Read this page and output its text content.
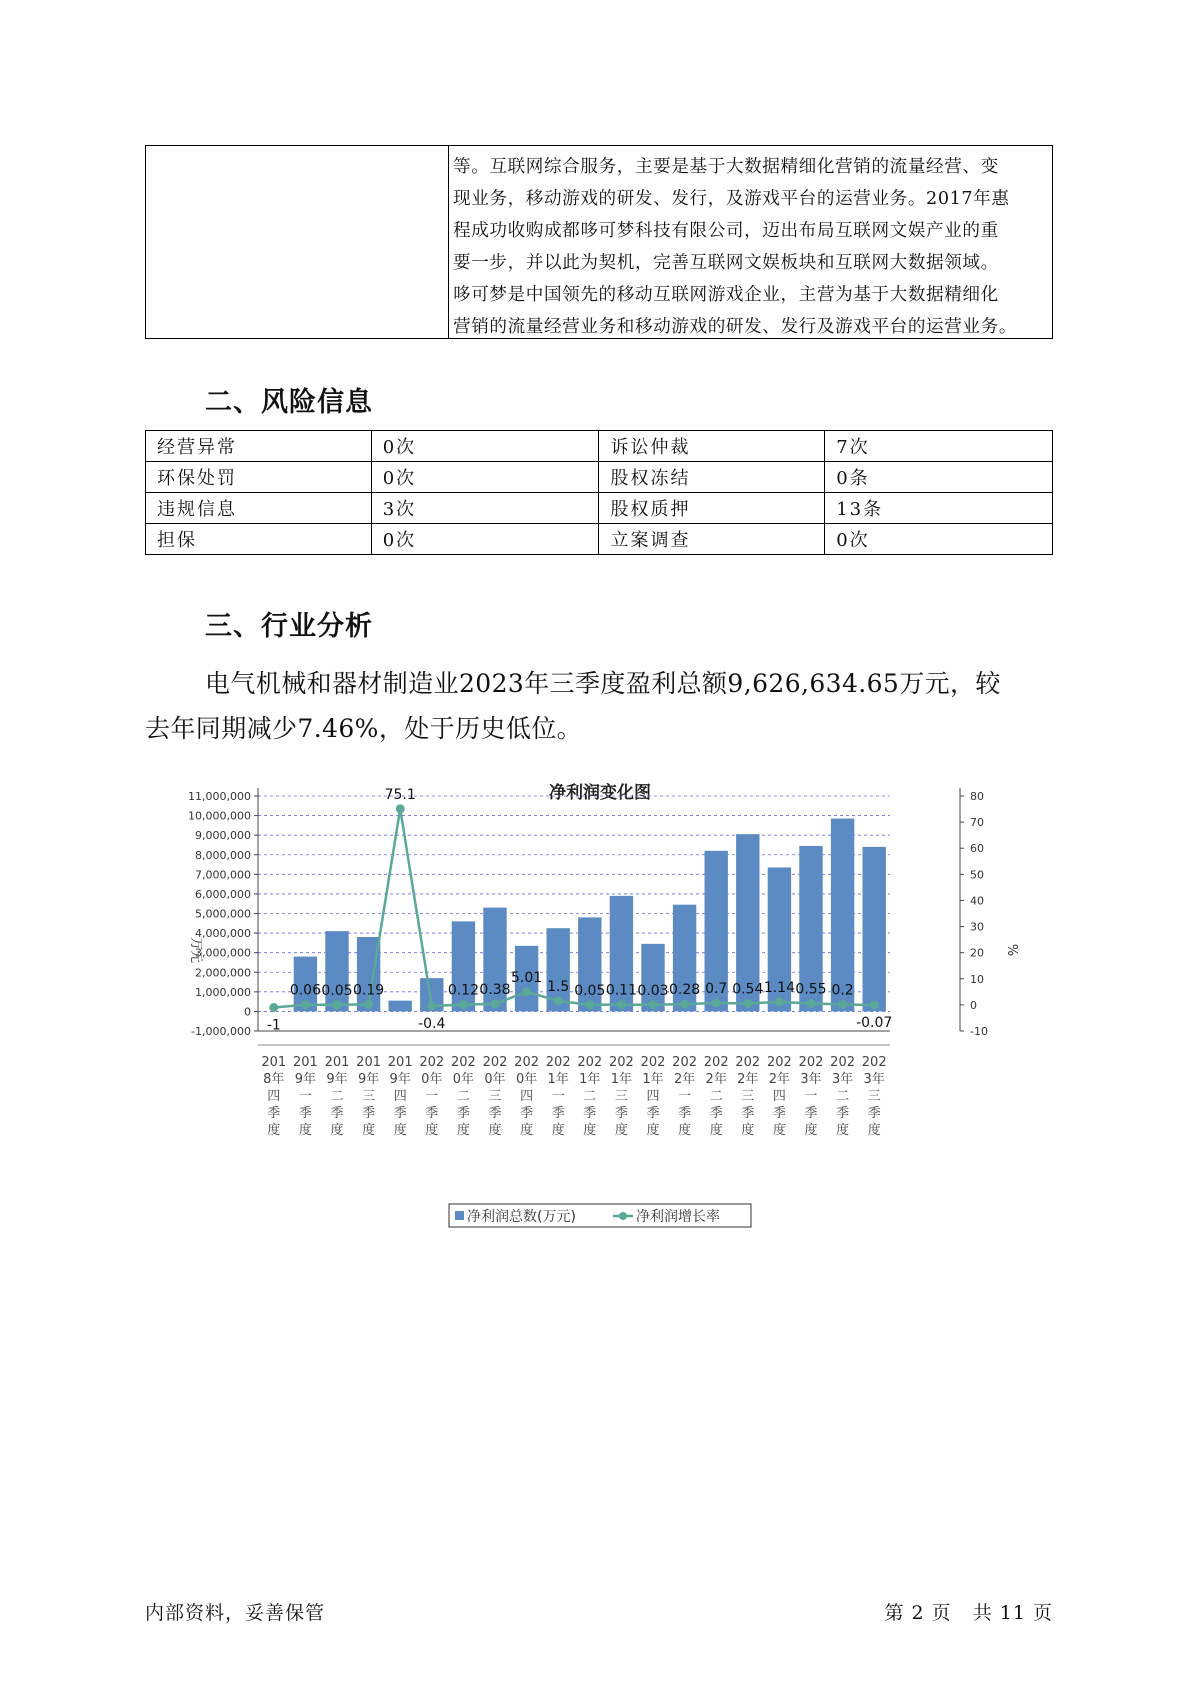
等。互联网综合服务，主要是基于大数据精细化营销的流量经营、变
现业务，移动游戏的研发、发行，及游戏平台的运营业务。2017年惠
程成功收购成都哆可梦科技有限公司，迈出布局互联网文娱产业的重
要一步，并以此为契机，完善互联网文娱板块和互联网大数据领域。
哆可梦是中国领先的移动互联网游戏企业，主营为基于大数据精细化
营销的流量经营业务和移动游戏的研发、发行及游戏平台的运营业务。
二、风险信息
经营异常	0次	诉讼仲裁	7次
环保处罚	0次	股权冻结	0条
违规信息	3次	股权质押	13条
担保	0次	立案调查	0次
三、行业分析
电气机械和器材制造业2023年三季度盈利总额9,626,634.65万元，较
去年同期减少7.46%，处于历史低位。
净利润变化图
11,000,000
10,000,000
9,000,000
8,000,000
7,000,000
6,000,000
5,000,000
4,000,000
3,000,000
2,000,000
1,000,000
0
-1,000,000
80
70
60
50
40
30
20
10
0
-10
-1
0.06 0.05 0.19
75.1
-0.4
0.12 0.38
5.01
1.5 0.05 0.11 0.03 0.28 0.7 0.54 1.14 0.55 0.2
-0.07
201
8年
四
季
度
201
9年
一
季
度
201
9年
二
季
度
201
9年
三
季
度
201
9年
四
季
度
202
0年
一
季
度
202
0年
二
季
度
202
0年
三
季
度
202
0年
四
季
度
202
1年
一
季
度
202
1年
二
季
度
202
1年
三
季
度
202
1年
四
季
度
202
2年
一
季
度
202
2年
二
季
度
202
2年
三
季
度
202
2年
四
季
度
202
3年
一
季
度
202
3年
二
季
度
202
3年
三
季
度
万元	%
净利润总数(万元)	净利润增长率
内部资料，妥善保管	第 2 页   共 11 页
